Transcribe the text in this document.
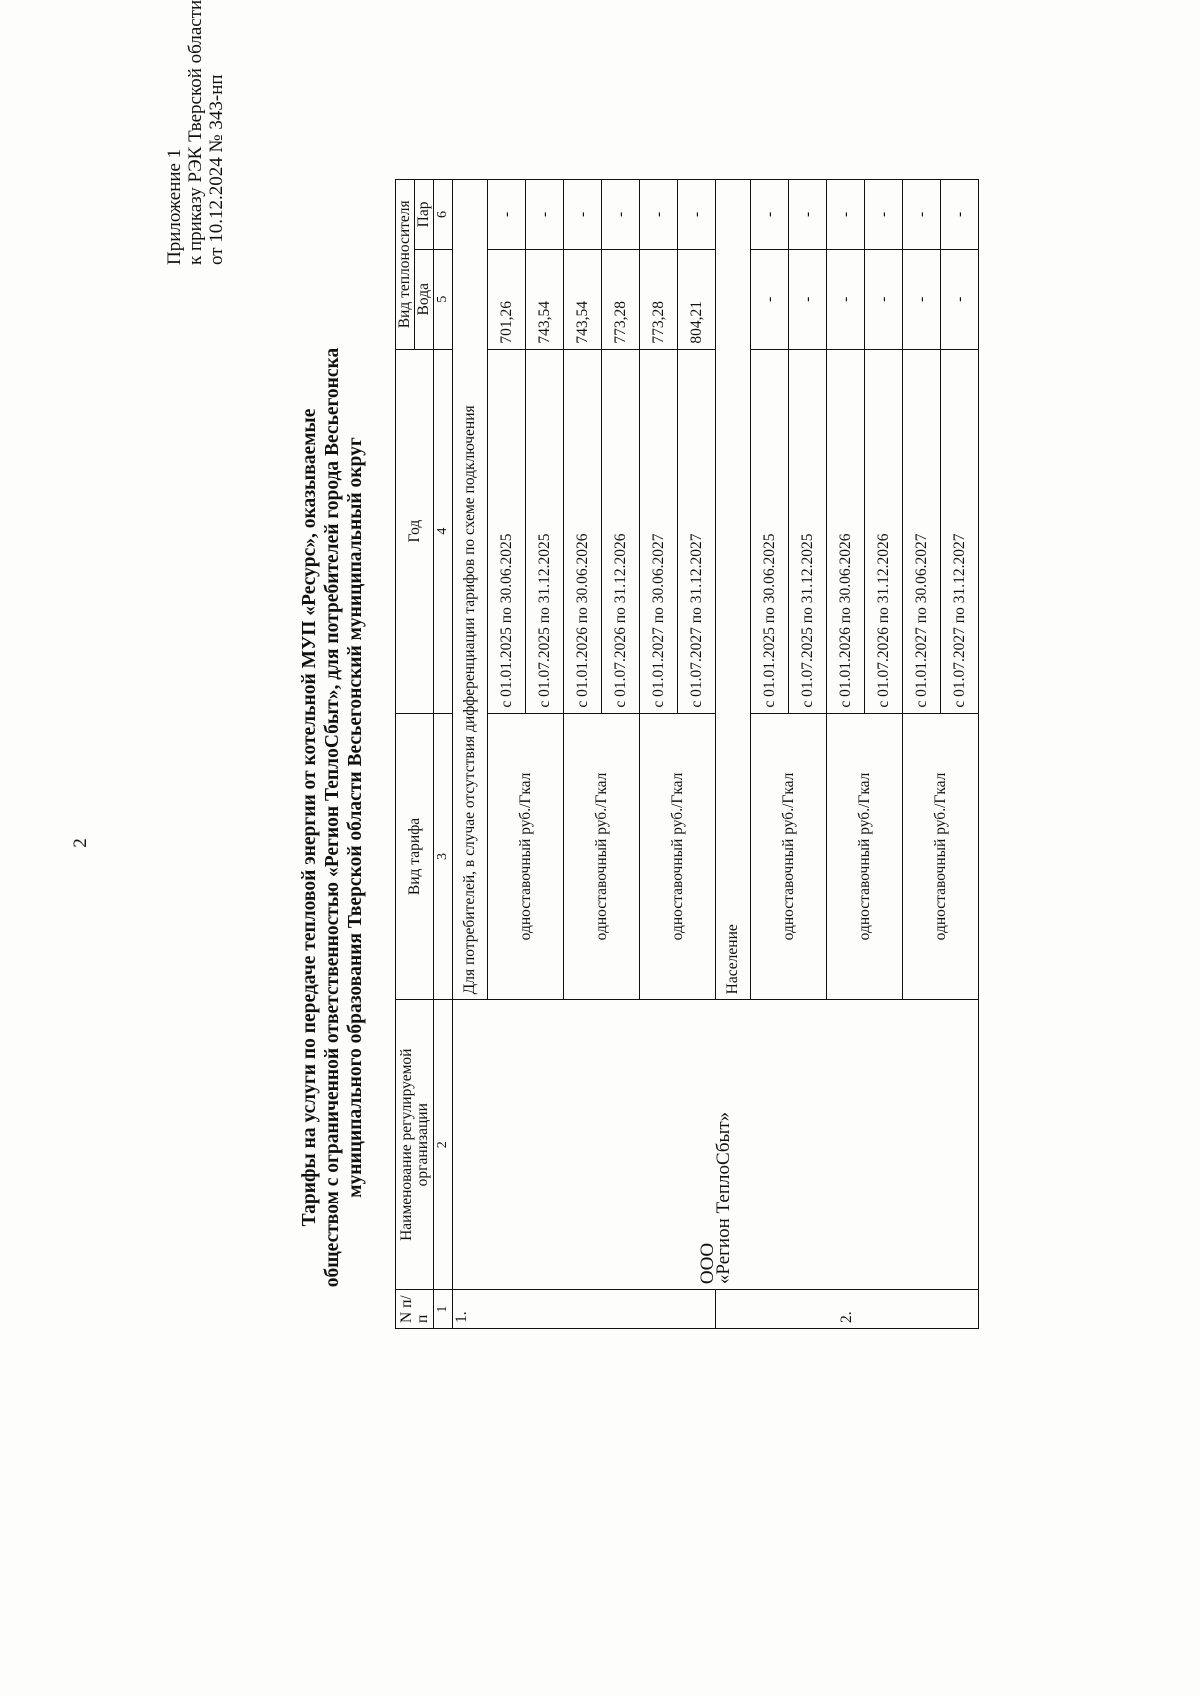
2
Приложение 1 к приказу РЭК Тверской области от 10.12.2024 № 343-нп
Тарифы на услуги по передаче тепловой энергии от котельной МУП «Ресурс», оказываемые обществом с ограниченной ответственностью «Регион ТеплоСбыт», для потребителей города Весьегонска муниципального образования Тверской области Весьегонский муниципальный округ
N п/п	Наименование регулируемой организации	Вид тарифа	Год	Вид теплоносителя	
				Вода	Пар
1	2	3	4	5	6
1.	ООО
«Регион ТеплоСбыт»	Для потребителей, в случае отсутствия дифференциации тарифов по схеме подключения			
		одноставочный руб./Гкал	с 01.01.2025 по 30.06.2025	701,26	-
			с 01.07.2025 по 31.12.2025	743,54	-
		одноставочный руб./Гкал	с 01.01.2026 по 30.06.2026	743,54	-
			с 01.07.2026 по 31.12.2026	773,28	-
		одноставочный руб./Гкал	с 01.01.2027 по 30.06.2027	773,28	-
			с 01.07.2027 по 31.12.2027	804,21	-
2.		Население			
		одноставочный руб./Гкал	с 01.01.2025 по 30.06.2025	-	-
			с 01.07.2025 по 31.12.2025	-	-
		одноставочный руб./Гкал	с 01.01.2026 по 30.06.2026	-	-
			с 01.07.2026 по 31.12.2026	-	-
		одноставочный руб./Гкал	с 01.01.2027 по 30.06.2027	-	-
			с 01.07.2027 по 31.12.2027	-	-
